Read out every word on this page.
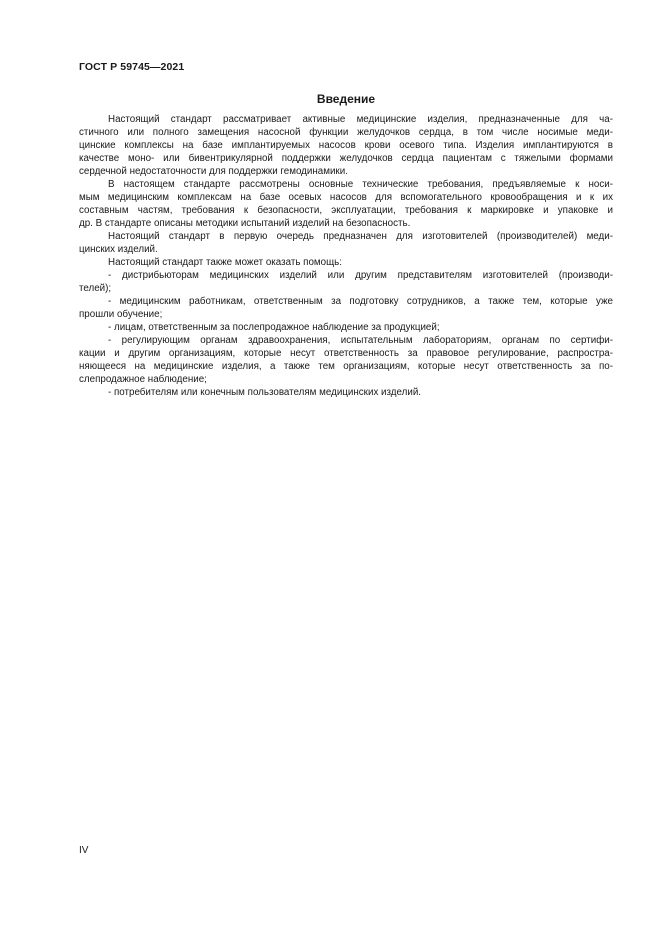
ГОСТ Р 59745—2021
Введение
Настоящий стандарт рассматривает активные медицинские изделия, предназначенные для ча-
стичного или полного замещения насосной функции желудочков сердца, в том числе носимые меди-
цинские комплексы на базе имплантируемых насосов крови осевого типа. Изделия имплантируются в
качестве моно- или бивентрикулярной поддержки желудочков сердца пациентам с тяжелыми формами
сердечной недостаточности для поддержки гемодинамики.
В настоящем стандарте рассмотрены основные технические требования, предъявляемые к носи-
мым медицинским комплексам на базе осевых насосов для вспомогательного кровообращения и к их
составным частям, требования к безопасности, эксплуатации, требования к маркировке и упаковке и
др. В стандарте описаны методики испытаний изделий на безопасность.
Настоящий стандарт в первую очередь предназначен для изготовителей (производителей) меди-
цинских изделий.
Настоящий стандарт также может оказать помощь:
- дистрибьюторам медицинских изделий или другим представителям изготовителей (производи-
телей);
- медицинским работникам, ответственным за подготовку сотрудников, а также тем, которые уже
прошли обучение;
- лицам, ответственным за послепродажное наблюдение за продукцией;
- регулирующим органам здравоохранения, испытательным лабораториям, органам по сертифи-
кации и другим организациям, которые несут ответственность за правовое регулирование, распростра-
няющееся на медицинские изделия, а также тем организациям, которые несут ответственность за по-
слепродажное наблюдение;
- потребителям или конечным пользователям медицинских изделий.
IV
